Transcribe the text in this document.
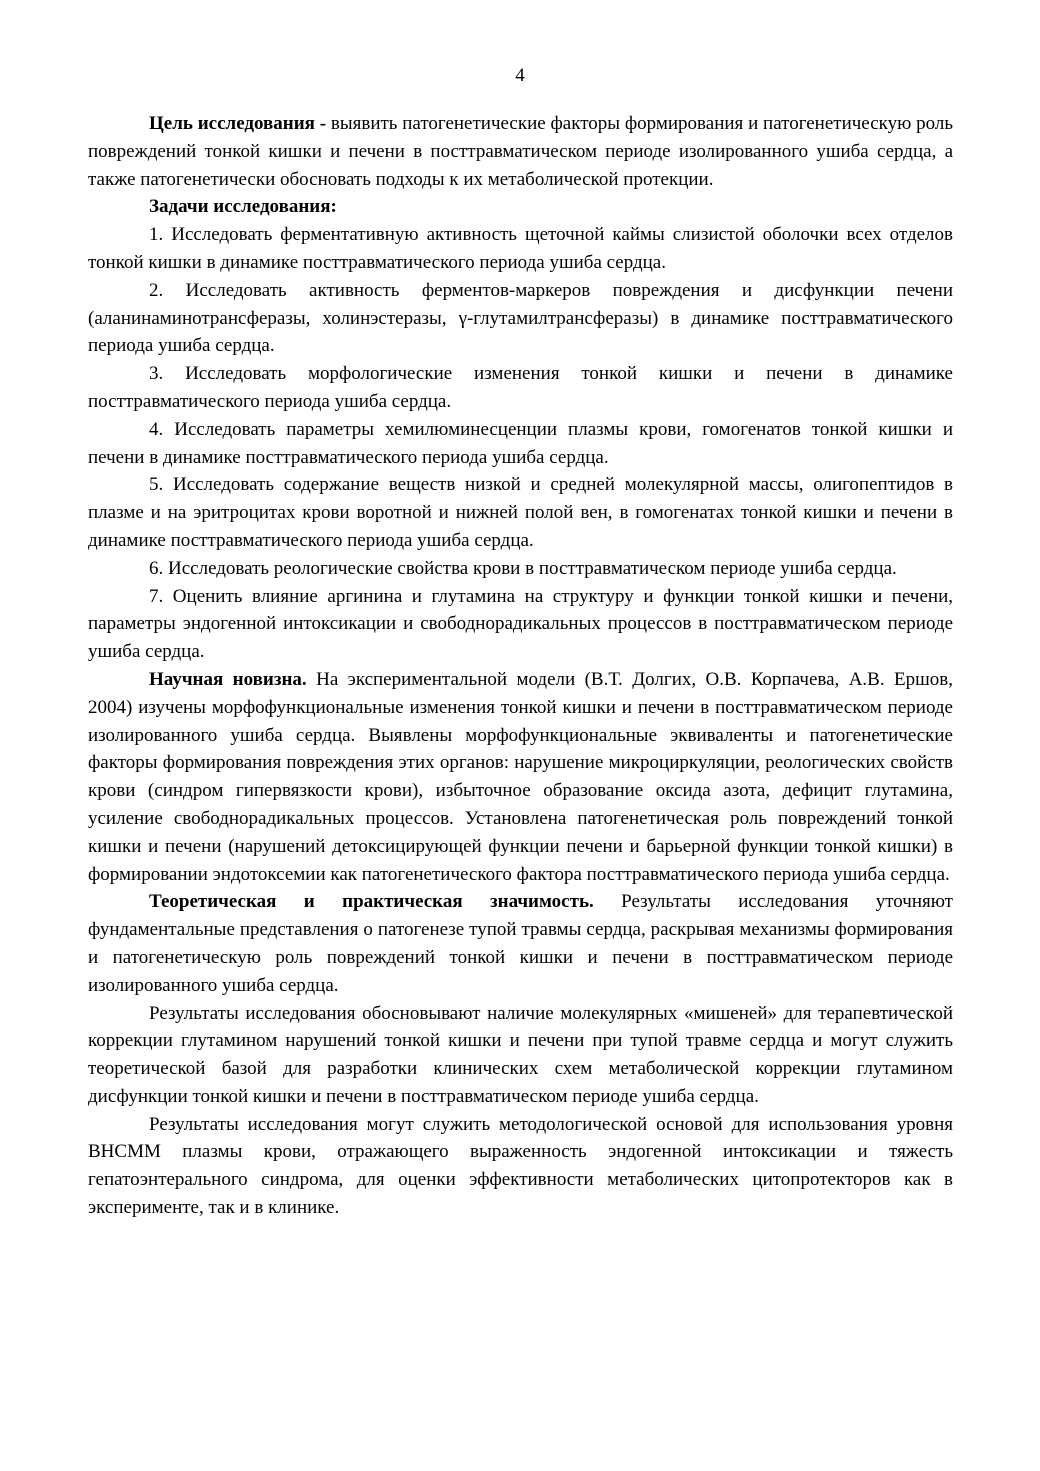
4

Цель исследования - выявить патогенетические факторы формирования и патогенетическую роль повреждений тонкой кишки и печени в посттравматическом периоде изолированного ушиба сердца, а также патогенетически обосновать подходы к их метаболической протекции.

Задачи исследования:

1. Исследовать ферментативную активность щеточной каймы слизистой оболочки всех отделов тонкой кишки в динамике посттравматического периода ушиба сердца.

2. Исследовать активность ферментов-маркеров повреждения и дисфункции печени (аланинаминотрансферазы, холинэстеразы, γ-глутамилтрансферазы) в динамике посттравматического периода ушиба сердца.

3. Исследовать морфологические изменения тонкой кишки и печени в динамике посттравматического периода ушиба сердца.

4. Исследовать параметры хемилюминесценции плазмы крови, гомогенатов тонкой кишки и печени в динамике посттравматического периода ушиба сердца.

5. Исследовать содержание веществ низкой и средней молекулярной массы, олигопептидов в плазме и на эритроцитах крови воротной и нижней полой вен, в гомогенатах тонкой кишки и печени в динамике посттравматического периода ушиба сердца.

6. Исследовать реологические свойства крови в посттравматическом периоде ушиба сердца.

7. Оценить влияние аргинина и глутамина на структуру и функции тонкой кишки и печени, параметры эндогенной интоксикации и свободнорадикальных процессов в посттравматическом периоде ушиба сердца.

Научная новизна. На экспериментальной модели (В.Т. Долгих, О.В. Корпачева, А.В. Ершов, 2004) изучены морфофункциональные изменения тонкой кишки и печени в посттравматическом периоде изолированного ушиба сердца. Выявлены морфофункциональные эквиваленты и патогенетические факторы формирования повреждения этих органов: нарушение микроциркуляции, реологических свойств крови (синдром гипервязкости крови), избыточное образование оксида азота, дефицит глутамина, усиление свободнорадикальных процессов. Установлена патогенетическая роль повреждений тонкой кишки и печени (нарушений детоксицирующей функции печени и барьерной функции тонкой кишки) в формировании эндотоксемии как патогенетического фактора посттравматического периода ушиба сердца.

Теоретическая и практическая значимость. Результаты исследования уточняют фундаментальные представления о патогенезе тупой травмы сердца, раскрывая механизмы формирования и патогенетическую роль повреждений тонкой кишки и печени в посттравматическом периоде изолированного ушиба сердца.

Результаты исследования обосновывают наличие молекулярных «мишеней» для терапевтической коррекции глутамином нарушений тонкой кишки и печени при тупой травме сердца и могут служить теоретической базой для разработки клинических схем метаболической коррекции глутамином дисфункции тонкой кишки и печени в посттравматическом периоде ушиба сердца.

Результаты исследования могут служить методологической основой для использования уровня ВНСММ плазмы крови, отражающего выраженность эндогенной интоксикации и тяжесть гепатоэнтерального синдрома, для оценки эффективности метаболических цитопротекторов как в эксперименте, так и в клинике.
